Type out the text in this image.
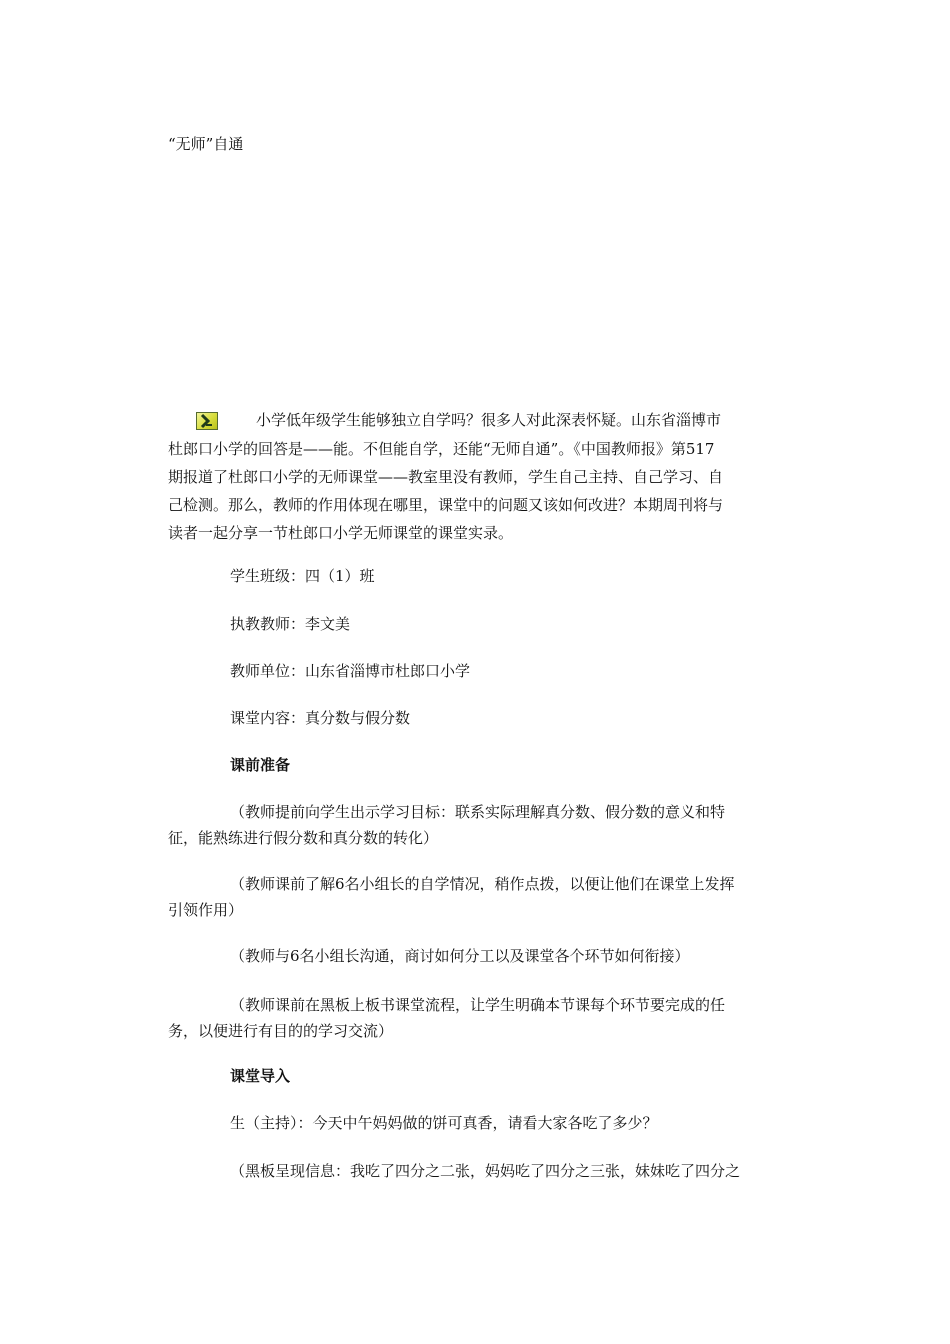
“无师”自通
小学低年级学生能够独立自学吗？很多人对此深表怀疑。山东省淄博市
杜郎口小学的回答是——能。不但能自学，还能“无师自通”。《中国教师报》第517
期报道了杜郎口小学的无师课堂——教室里没有教师，学生自己主持、自己学习、自
己检测。那么，教师的作用体现在哪里，课堂中的问题又该如何改进？本期周刊将与
读者一起分享一节杜郎口小学无师课堂的课堂实录。
学生班级：四（1）班
执教教师：李文美
教师单位：山东省淄博市杜郎口小学
课堂内容：真分数与假分数
课前准备
（教师提前向学生出示学习目标：联系实际理解真分数、假分数的意义和特
征，能熟练进行假分数和真分数的转化）
（教师课前了解6名小组长的自学情况，稍作点拨，以便让他们在课堂上发挥
引领作用）
（教师与6名小组长沟通，商讨如何分工以及课堂各个环节如何衔接）
（教师课前在黑板上板书课堂流程，让学生明确本节课每个环节要完成的任
务，以便进行有目的的学习交流）
课堂导入
生（主持）：今天中午妈妈做的饼可真香，请看大家各吃了多少？
（黑板呈现信息：我吃了四分之二张，妈妈吃了四分之三张，妹妹吃了四分之
